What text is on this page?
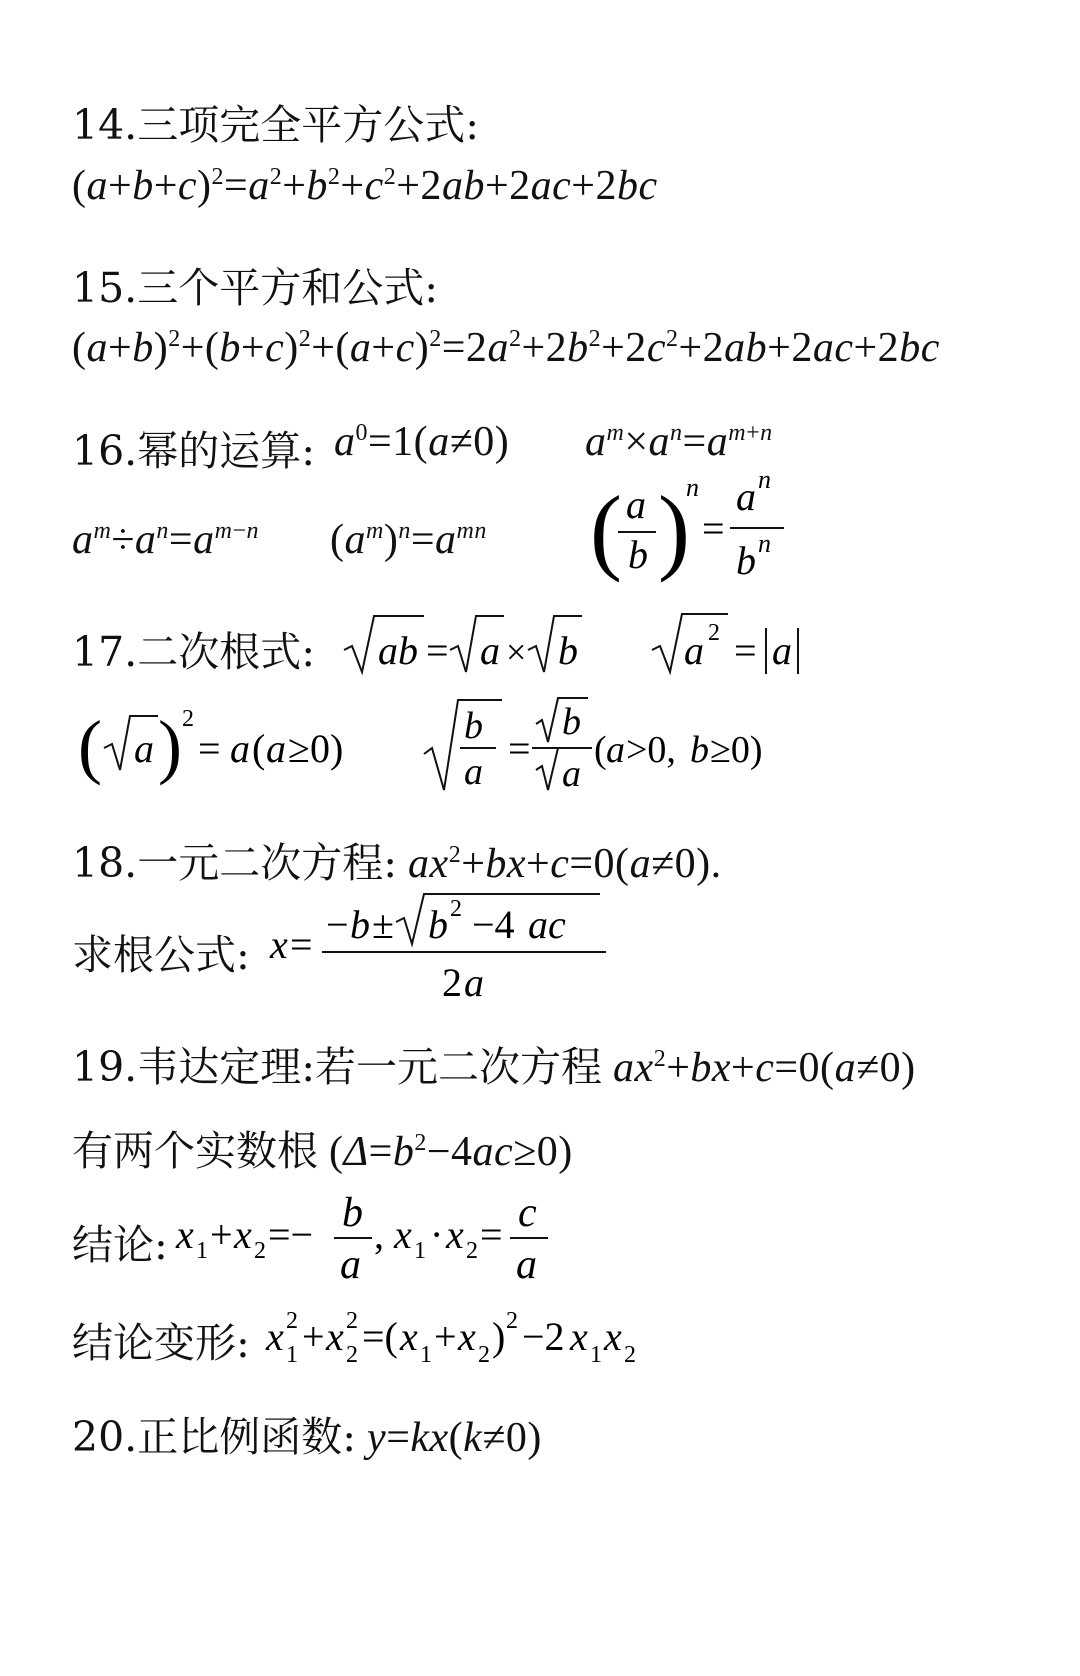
14.三项完全平方公式:
$(a+b+c)^2=a^2+b^2+c^2+2ab+2ac+2bc$
15.三个平方和公式:
$(a+b)^2+(b+c)^2+(a+c)^2=2a^2+2b^2+2c^2+2ab+2ac+2bc$
16.幂的运算: $a^0=1(a\ne 0)$ $a^m\times a^n=a^{m+n}$
$a^m\div a^n=a^{m-n}$ $(a^m)^n=a^{mn}$ ( a
b )
n
=
a n
b n
17.二次根式: ab = a × b	a 2 = a
( a ) 2
= a ( a ≥0)	b
a
=
b
a
( a >0, b ≥0)
18.一元二次方程: $ax^2+bx+c=0(a\ne 0)$.
求根公式: x = − b ± b 2 −4 ac
2 a
19.韦达定理:若一元二次方程 $ax^2+bx+c=0(a\ne 0)$
有两个实数根 $(\Delta=b^2-4ac\ge 0)$
结论: x 1 + x 2 =− b
a
, x 1 · x 2 = c
a
结论变形: x 1
2 + x 2
2 =( x 1 + x 2 ) 2 −2 x 1 x 2
20.正比例函数: y=kx(k≠0)
